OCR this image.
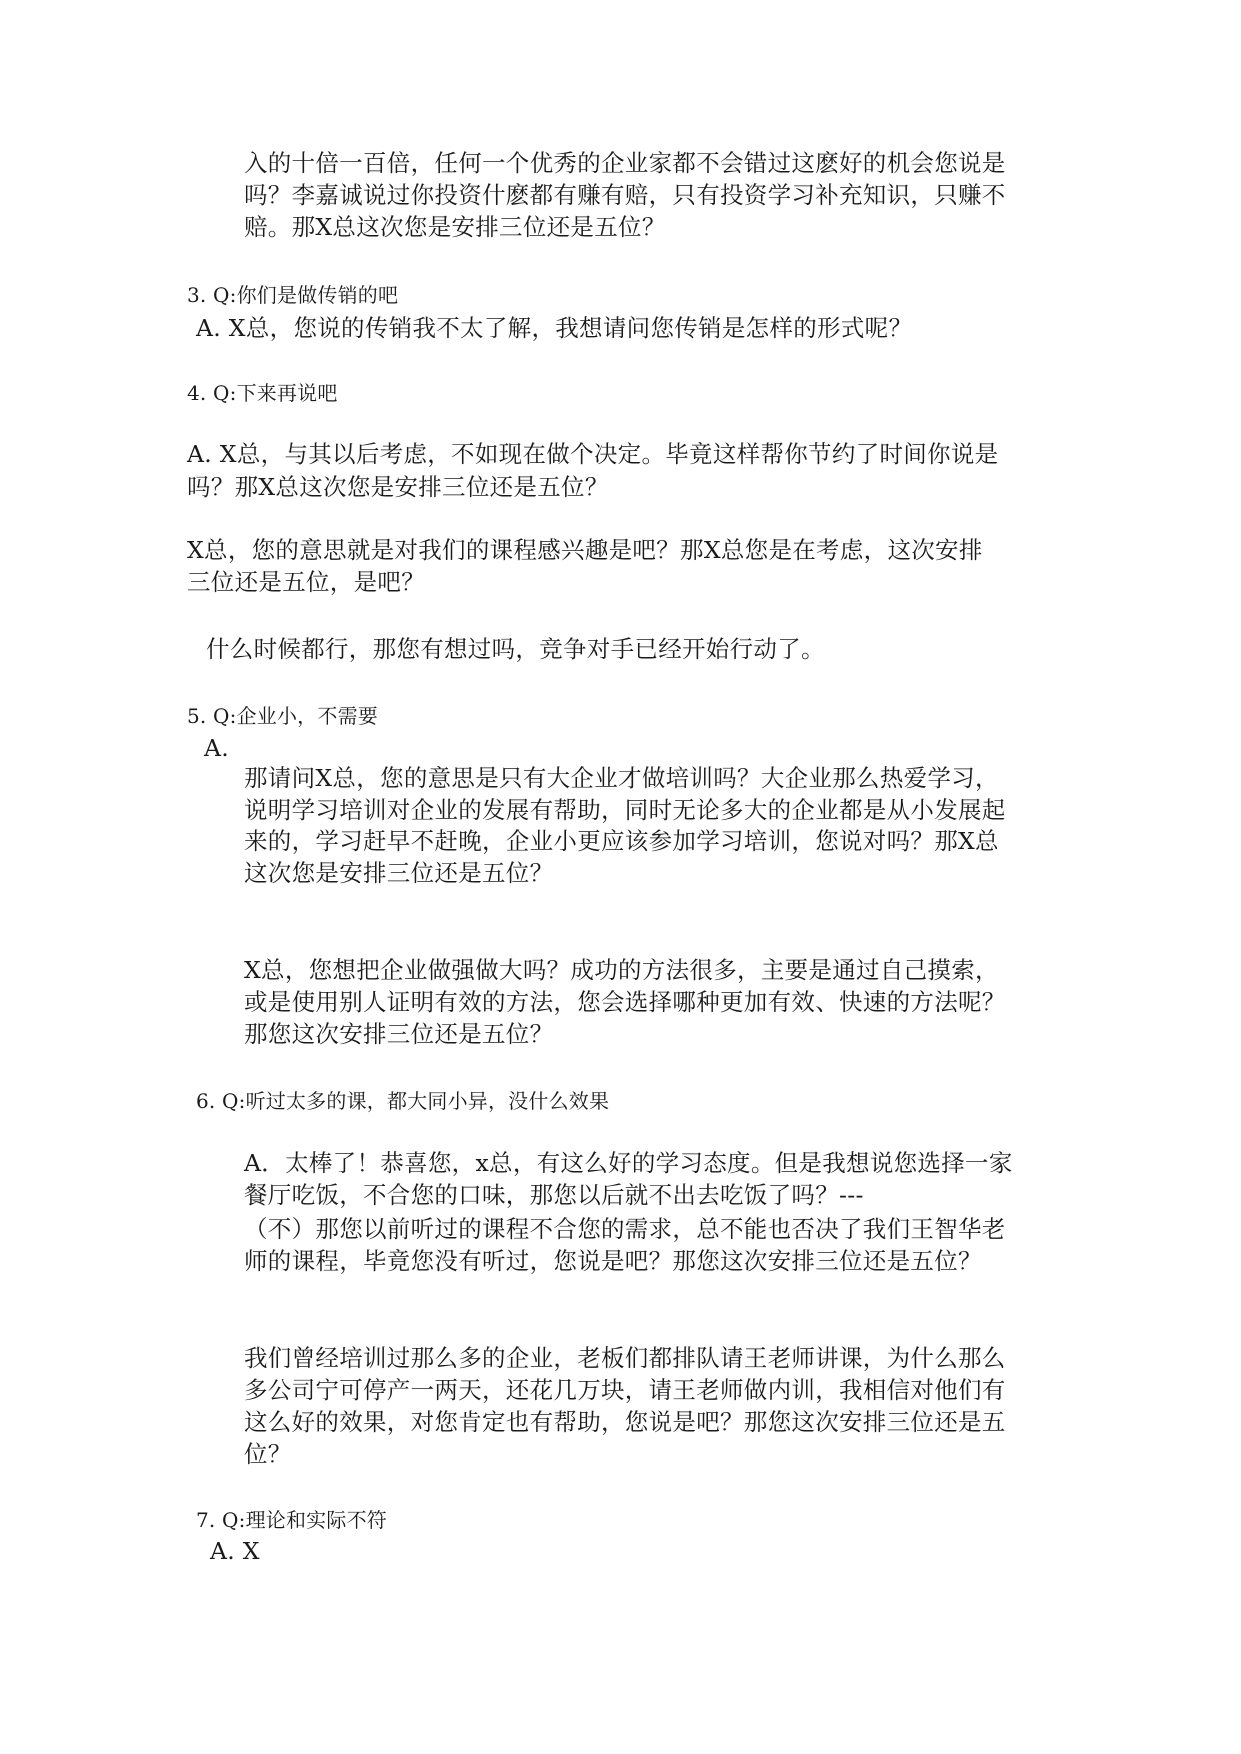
入的十倍一百倍，任何一个优秀的企业家都不会错过这麽好的机会您说是
吗？李嘉诚说过你投资什麽都有赚有赔，只有投资学习补充知识，只赚不
赔。那X总这次您是安排三位还是五位？
3. Q:你们是做传销的吧
A. X总，您说的传销我不太了解，我想请问您传销是怎样的形式呢？
4. Q:下来再说吧
A. X总，与其以后考虑，不如现在做个决定。毕竟这样帮你节约了时间你说是
吗？那X总这次您是安排三位还是五位？
X总，您的意思就是对我们的课程感兴趣是吧？那X总您是在考虑，这次安排
三位还是五位，是吧？
什么时候都行，那您有想过吗，竞争对手已经开始行动了。
5. Q:企业小，不需要
A.
那请问X总，您的意思是只有大企业才做培训吗？大企业那么热爱学习，
说明学习培训对企业的发展有帮助，同时无论多大的企业都是从小发展起
来的，学习赶早不赶晚，企业小更应该参加学习培训，您说对吗？那X总
这次您是安排三位还是五位？
X总，您想把企业做强做大吗？成功的方法很多，主要是通过自己摸索，
或是使用别人证明有效的方法，您会选择哪种更加有效、快速的方法呢？
那您这次安排三位还是五位？
6. Q:听过太多的课，都大同小异，没什么效果
A．太棒了！恭喜您，x总，有这么好的学习态度。但是我想说您选择一家
餐厅吃饭，不合您的口味，那您以后就不出去吃饭了吗？---
（不）那您以前听过的课程不合您的需求，总不能也否决了我们王智华老
师的课程，毕竟您没有听过，您说是吧？那您这次安排三位还是五位？
我们曾经培训过那么多的企业，老板们都排队请王老师讲课，为什么那么
多公司宁可停产一两天，还花几万块，请王老师做内训，我相信对他们有
这么好的效果，对您肯定也有帮助，您说是吧？那您这次安排三位还是五
位？
7. Q:理论和实际不符
A. X
